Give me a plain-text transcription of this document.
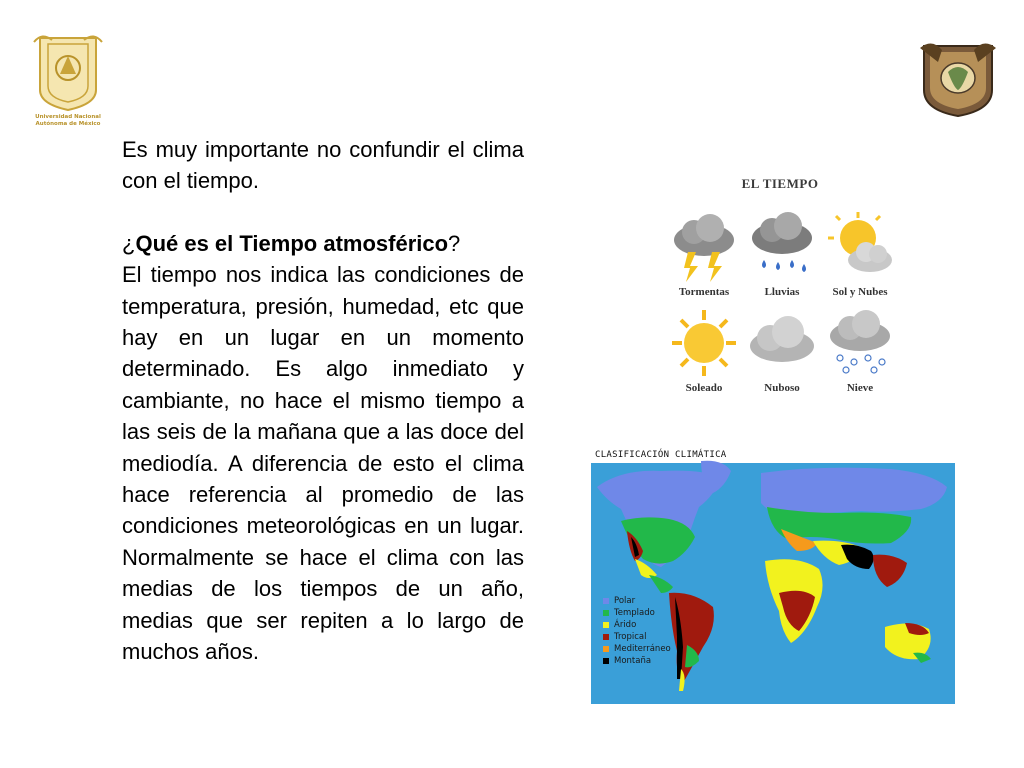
Universidad Nacional
Autónoma de México

Es muy importante no confundir el clima con el tiempo.

¿Qué es el Tiempo atmosférico?

El tiempo nos indica las condiciones de temperatura, presión, humedad, etc que hay en un lugar en un momento determinado. Es algo inmediato y cambiante, no hace el mismo tiempo a las seis de la mañana que a las doce del mediodía. A diferencia de esto el clima hace referencia al promedio de las condiciones meteorológicas en un lugar. Normalmente se hace el clima con las medias de los tiempos de un año, medias que ser repiten a lo largo de muchos años.

EL TIEMPO
Tormentas	Lluvias	Sol y Nubes
Soleado	Nuboso	Nieve
CLASIFICACIÓN CLIMÁTICA
Polar
Templado
Árido
Tropical
Mediterráneo
Montaña
